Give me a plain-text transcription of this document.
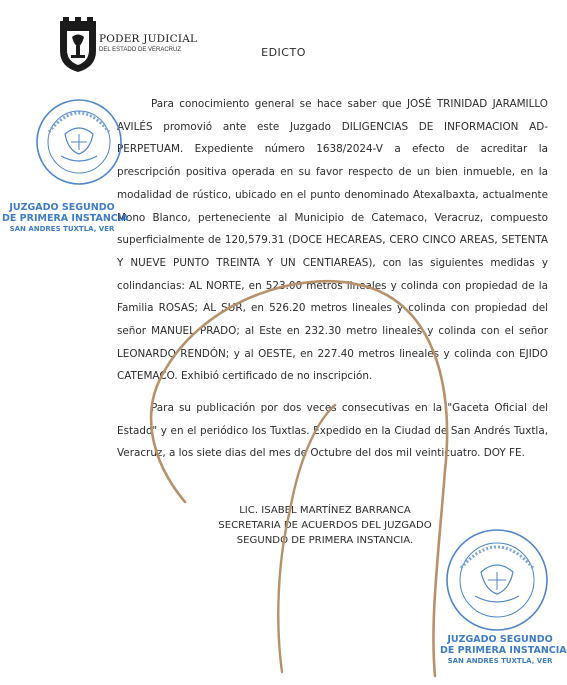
PODER JUDICIAL
DEL ESTADO DE VERACRUZ	EDICTO

Para conocimiento general se hace saber que JOSÉ TRINIDAD JARAMILLO AVILÉS promovió ante este Juzgado DILIGENCIAS DE INFORMACION AD-PERPETUAM. Expediente número 1638/2024-V a efecto de acreditar la prescripción positiva operada en su favor respecto de un bien inmueble, en la modalidad de rústico, ubicado en el punto denominado Atexalbaxta, actualmente Mono Blanco, perteneciente al Municipio de Catemaco, Veracruz, compuesto superficialmente de 120,579.31 (DOCE HECAREAS, CERO CINCO AREAS, SETENTA Y NUEVE PUNTO TREINTA Y UN CENTIAREAS), con las siguientes medidas y colindancias: AL NORTE, en 523.00 metros lineales y colinda con propiedad de la Familia ROSAS; AL SUR, en 526.20 metros lineales y colinda con propiedad del señor MANUEL PRADO; al Este en 232.30 metro lineales y colinda con el señor LEONARDO RENDÓN; y al OESTE, en 227.40 metros lineales y colinda con EJIDO CATEMACO. Exhibió certificado de no inscripción.

Para su publicación por dos veces consecutivas en la "Gaceta Oficial del Estado" y en el periódico los Tuxtlas. Expedido en la Ciudad de San Andrés Tuxtla, Veracruz, a los siete dias del mes de Octubre del dos mil veinticuatro. DOY FE.

LIC. ISABEL MARTÍNEZ BARRANCA
SECRETARIA DE ACUERDOS DEL JUZGADO
SEGUNDO DE PRIMERA INSTANCIA.
JUZGADO SEGUNDO
DE PRIMERA INSTANCIA
SAN ANDRES TUXTLA, VER
JUZGADO SEGUNDO
DE PRIMERA INSTANCIA
SAN ANDRES TUXTLA, VER
